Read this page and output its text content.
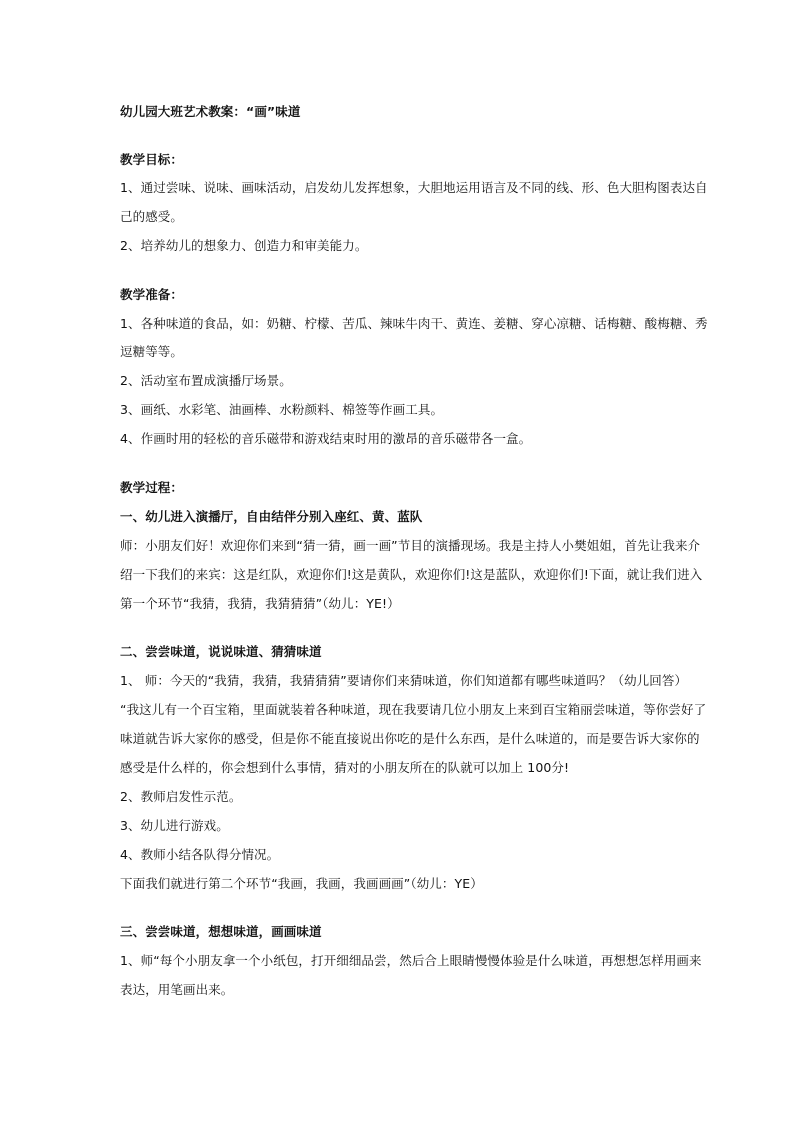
幼儿园大班艺术教案：“画”味道
教学目标：
1、通过尝味、说味、画味活动，启发幼儿发挥想象，大胆地运用语言及不同的线、形、色大胆构图表达自
己的感受。
2、培养幼儿的想象力、创造力和审美能力。
教学准备：
1、各种味道的食品，如：奶糖、柠檬、苦瓜、辣味牛肉干、黄连、姜糖、穿心凉糖、话梅糖、酸梅糖、秀
逗糖等等。
2、活动室布置成演播厅场景。
3、画纸、水彩笔、油画棒、水粉颜料、棉签等作画工具。
4、作画时用的轻松的音乐磁带和游戏结束时用的激昂的音乐磁带各一盒。
教学过程：
一、幼儿进入演播厅，自由结伴分别入座红、黄、蓝队
师：小朋友们好！欢迎你们来到“猜一猜，画一画”节目的演播现场。我是主持人小樊姐姐，首先让我来介
绍一下我们的来宾：这是红队，欢迎你们!这是黄队，欢迎你们!这是蓝队，欢迎你们!下面，就让我们进入
第一个环节“我猜，我猜，我猜猜猜”（幼儿：YE!）
二、尝尝味道，说说味道、猜猜味道
1、 师：今天的“我猜，我猜，我猜猜猜”要请你们来猜味道，你们知道都有哪些味道吗？（幼儿回答）
“我这儿有一个百宝箱，里面就装着各种味道，现在我要请几位小朋友上来到百宝箱丽尝味道，等你尝好了
味道就告诉大家你的感受，但是你不能直接说出你吃的是什么东西，是什么味道的，而是要告诉大家你的
感受是什么样的，你会想到什么事情，猜对的小朋友所在的队就可以加上 100分!
2、教师启发性示范。
3、幼儿进行游戏。
4、教师小结各队得分情况。
下面我们就进行第二个环节“我画，我画，我画画画”（幼儿：YE）
三、尝尝味道，想想味道，画画味道
1、师“每个小朋友拿一个小纸包，打开细细品尝，然后合上眼睛慢慢体验是什么味道，再想想怎样用画来
表达，用笔画出来。
